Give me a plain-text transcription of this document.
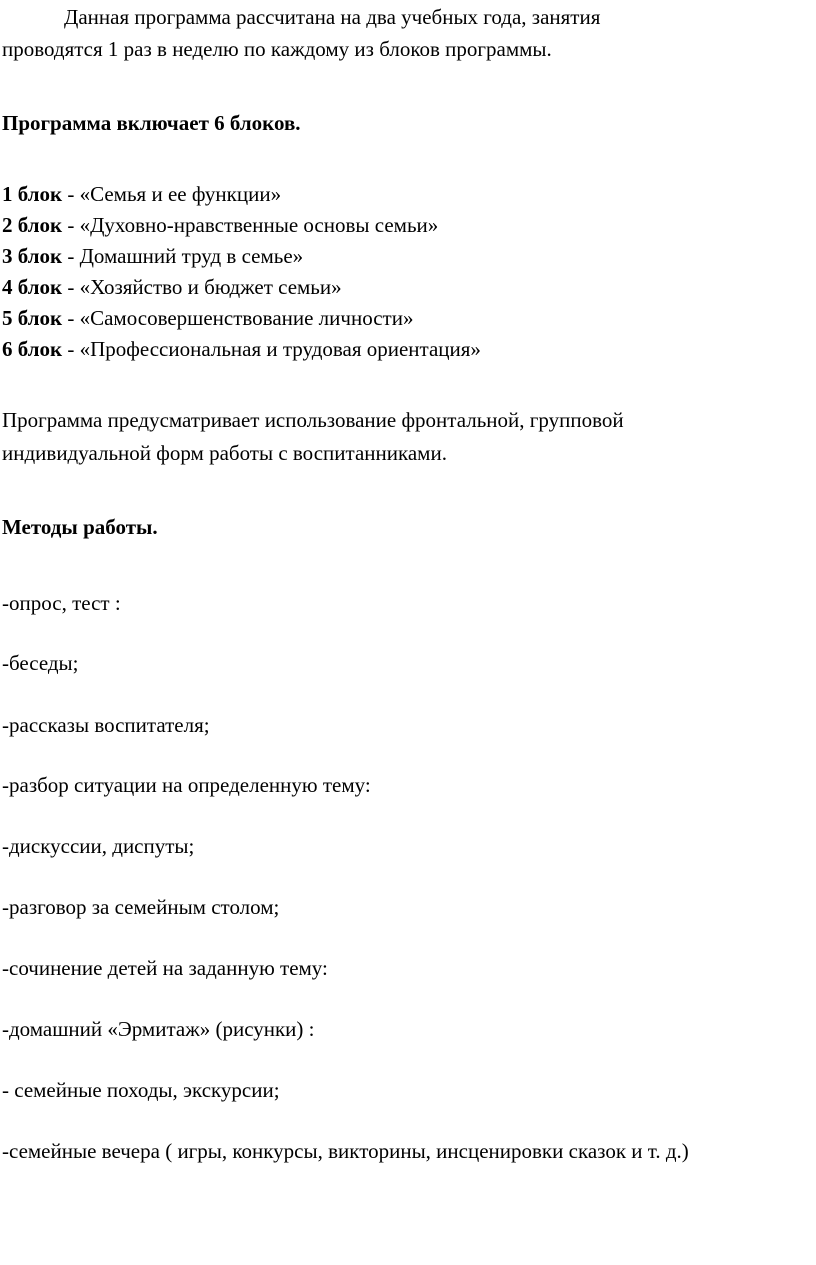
Данная программа рассчитана на два учебных года, занятия
проводятся 1 раз в неделю по каждому из блоков программы.
Программа включает 6 блоков.
1 блок - «Семья и ее функции»
2 блок - «Духовно-нравственные основы семьи»
3 блок - Домашний труд в семье»
4 блок - «Хозяйство и бюджет семьи»
5 блок - «Самосовершенствование личности»
6 блок - «Профессиональная и трудовая ориентация»
Программа предусматривает использование фронтальной, групповой
индивидуальной форм работы с воспитанниками.
Методы работы.
-опрос, тест :
-беседы;
-рассказы воспитателя;
-разбор ситуации на определенную тему:
-дискуссии, диспуты;
-разговор за семейным столом;
-сочинение детей на заданную тему:
-домашний «Эрмитаж» (рисунки) :
- семейные походы, экскурсии;
-семейные вечера ( игры, конкурсы, викторины, инсценировки сказок и т. д.)
